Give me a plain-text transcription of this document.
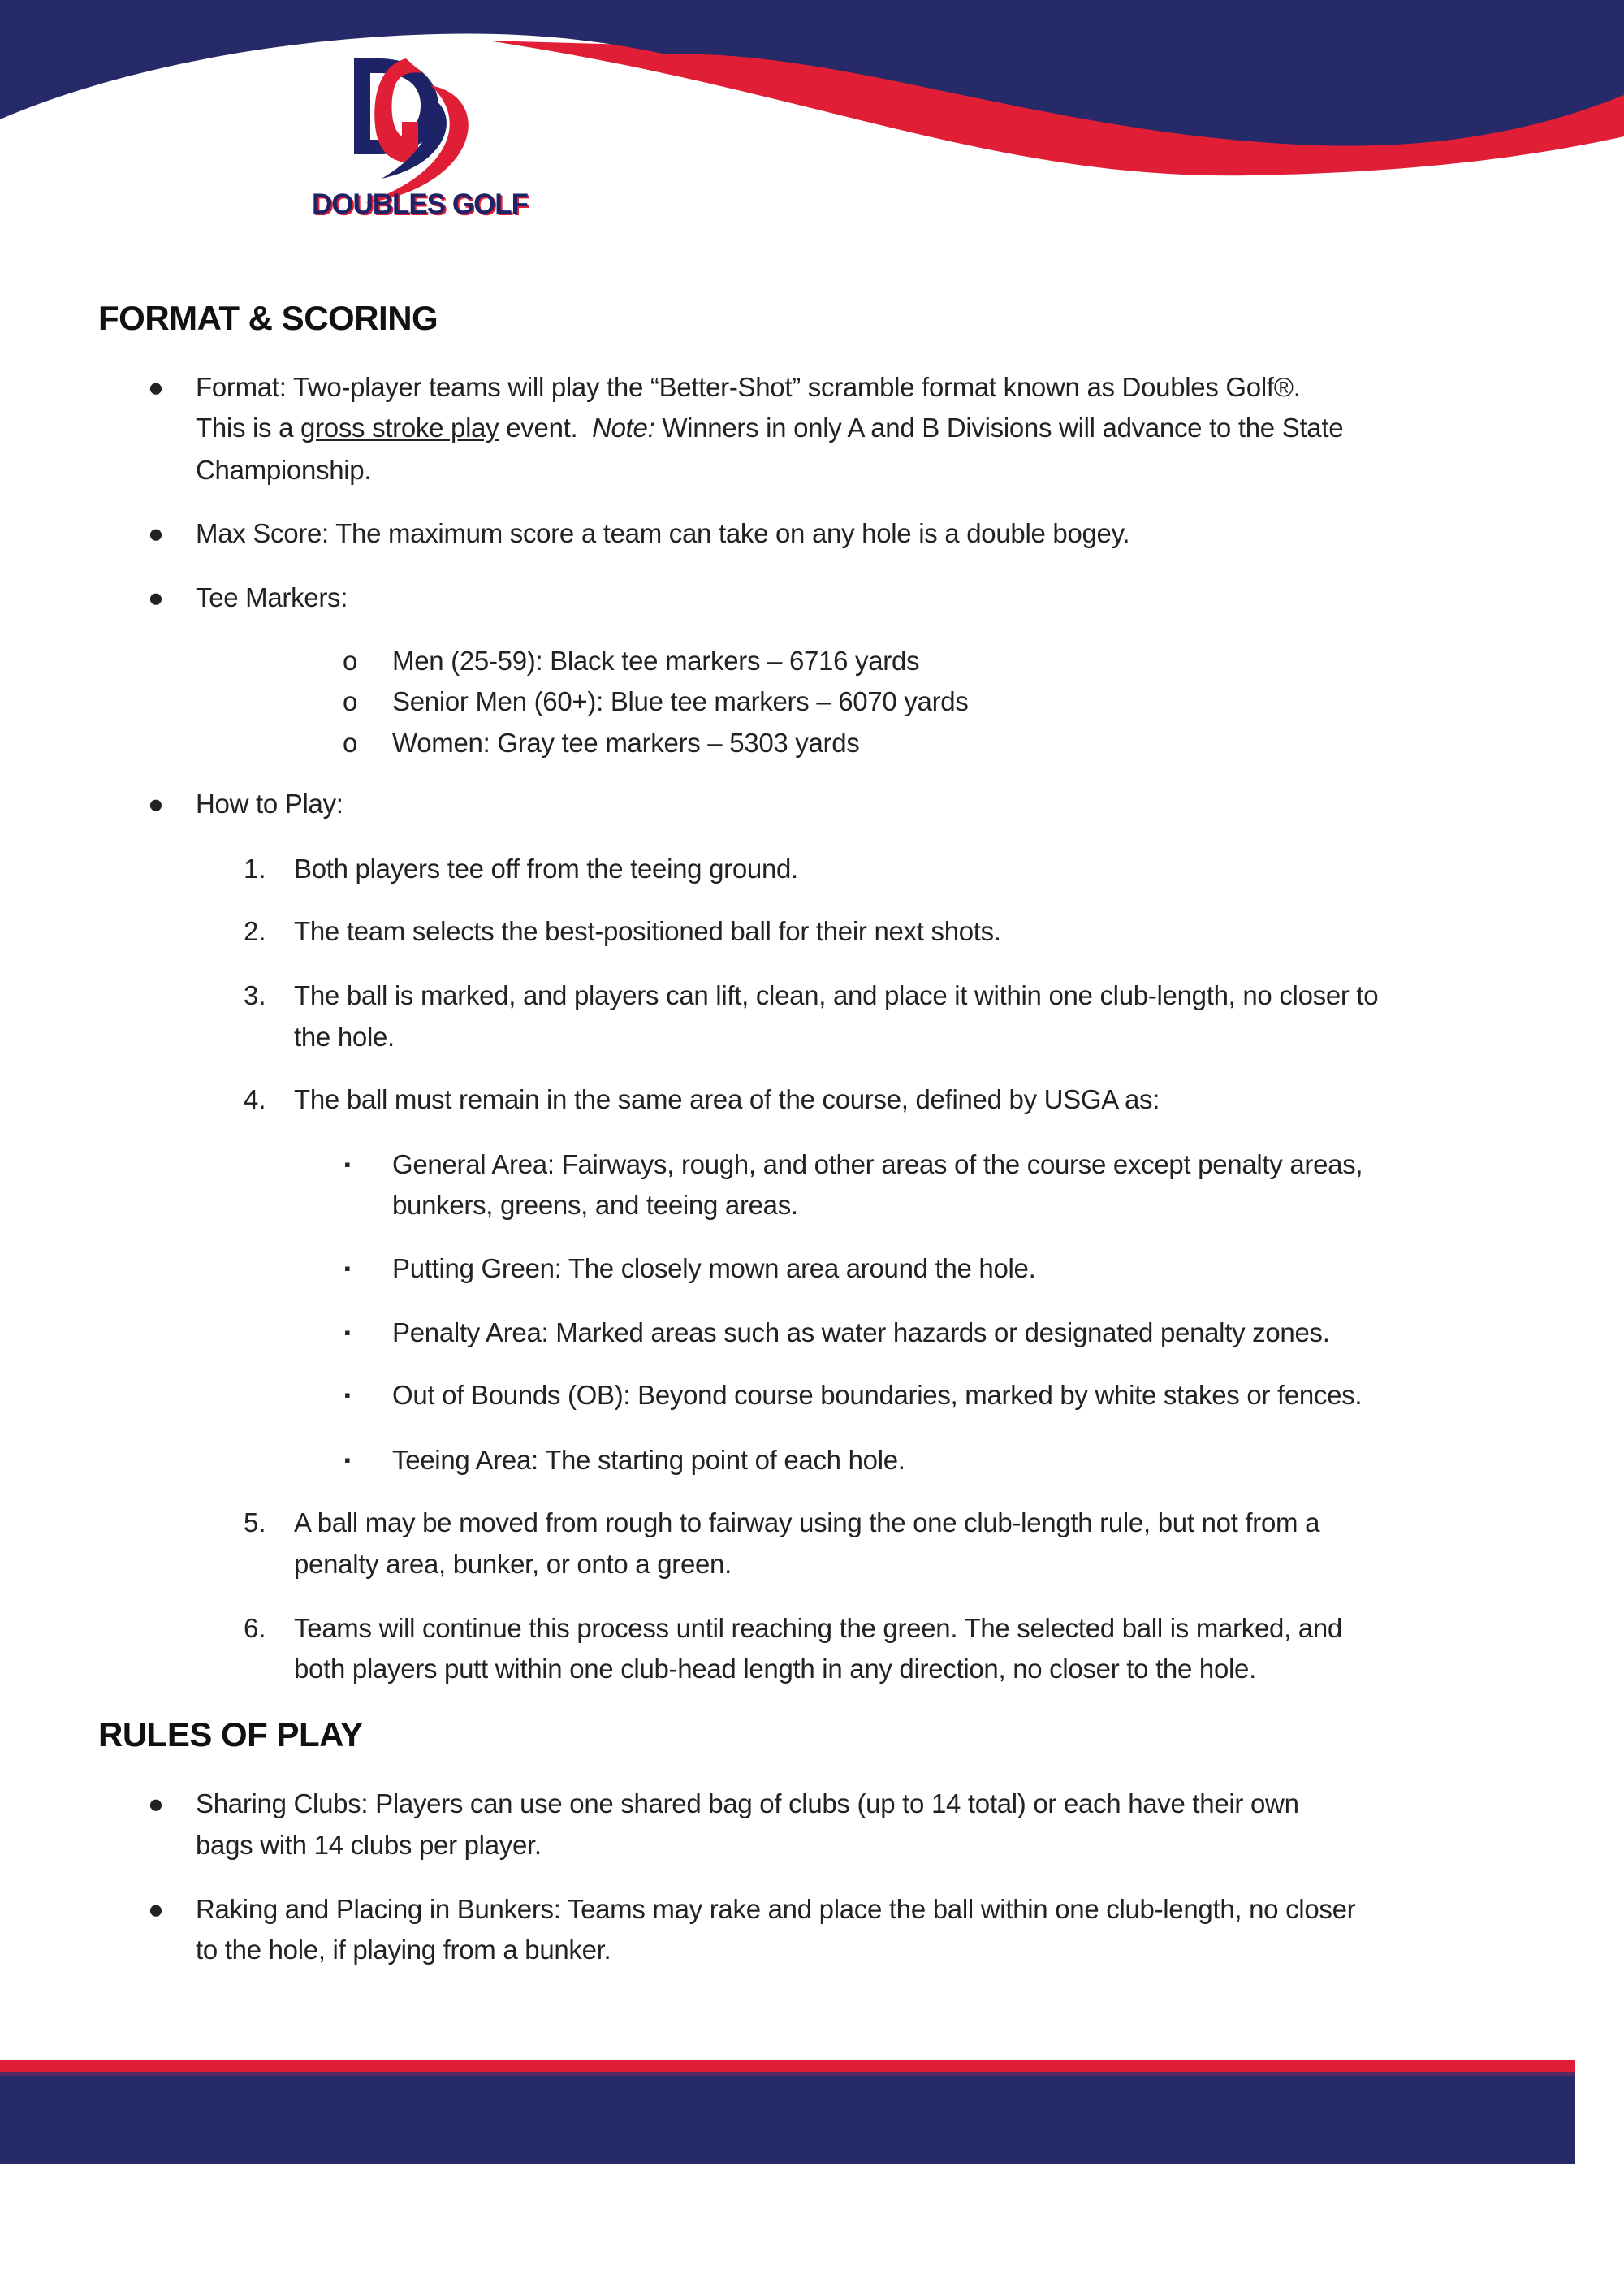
DOUBLES GOLF
FORMAT & SCORING
● Format: Two-player teams will play the “Better-Shot” scramble format known as Doubles Golf®.
This is a gross stroke play event.  Note: Winners in only A and B Divisions will advance to the State
Championship.
● Max Score: The maximum score a team can take on any hole is a double bogey.
● Tee Markers:
o Men (25-59): Black tee markers – 6716 yards
o Senior Men (60+): Blue tee markers – 6070 yards
o Women: Gray tee markers – 5303 yards
● How to Play:
1. Both players tee off from the teeing ground.
2. The team selects the best-positioned ball for their next shots.
3. The ball is marked, and players can lift, clean, and place it within one club-length, no closer to
the hole.
4. The ball must remain in the same area of the course, defined by USGA as:
▪ General Area: Fairways, rough, and other areas of the course except penalty areas,
bunkers, greens, and teeing areas.
▪ Putting Green: The closely mown area around the hole.
▪ Penalty Area: Marked areas such as water hazards or designated penalty zones.
▪ Out of Bounds (OB): Beyond course boundaries, marked by white stakes or fences.
▪ Teeing Area: The starting point of each hole.
5. A ball may be moved from rough to fairway using the one club-length rule, but not from a
penalty area, bunker, or onto a green.
6. Teams will continue this process until reaching the green. The selected ball is marked, and
both players putt within one club-head length in any direction, no closer to the hole.
RULES OF PLAY
● Sharing Clubs: Players can use one shared bag of clubs (up to 14 total) or each have their own
bags with 14 clubs per player.
● Raking and Placing in Bunkers: Teams may rake and place the ball within one club-length, no closer
to the hole, if playing from a bunker.
